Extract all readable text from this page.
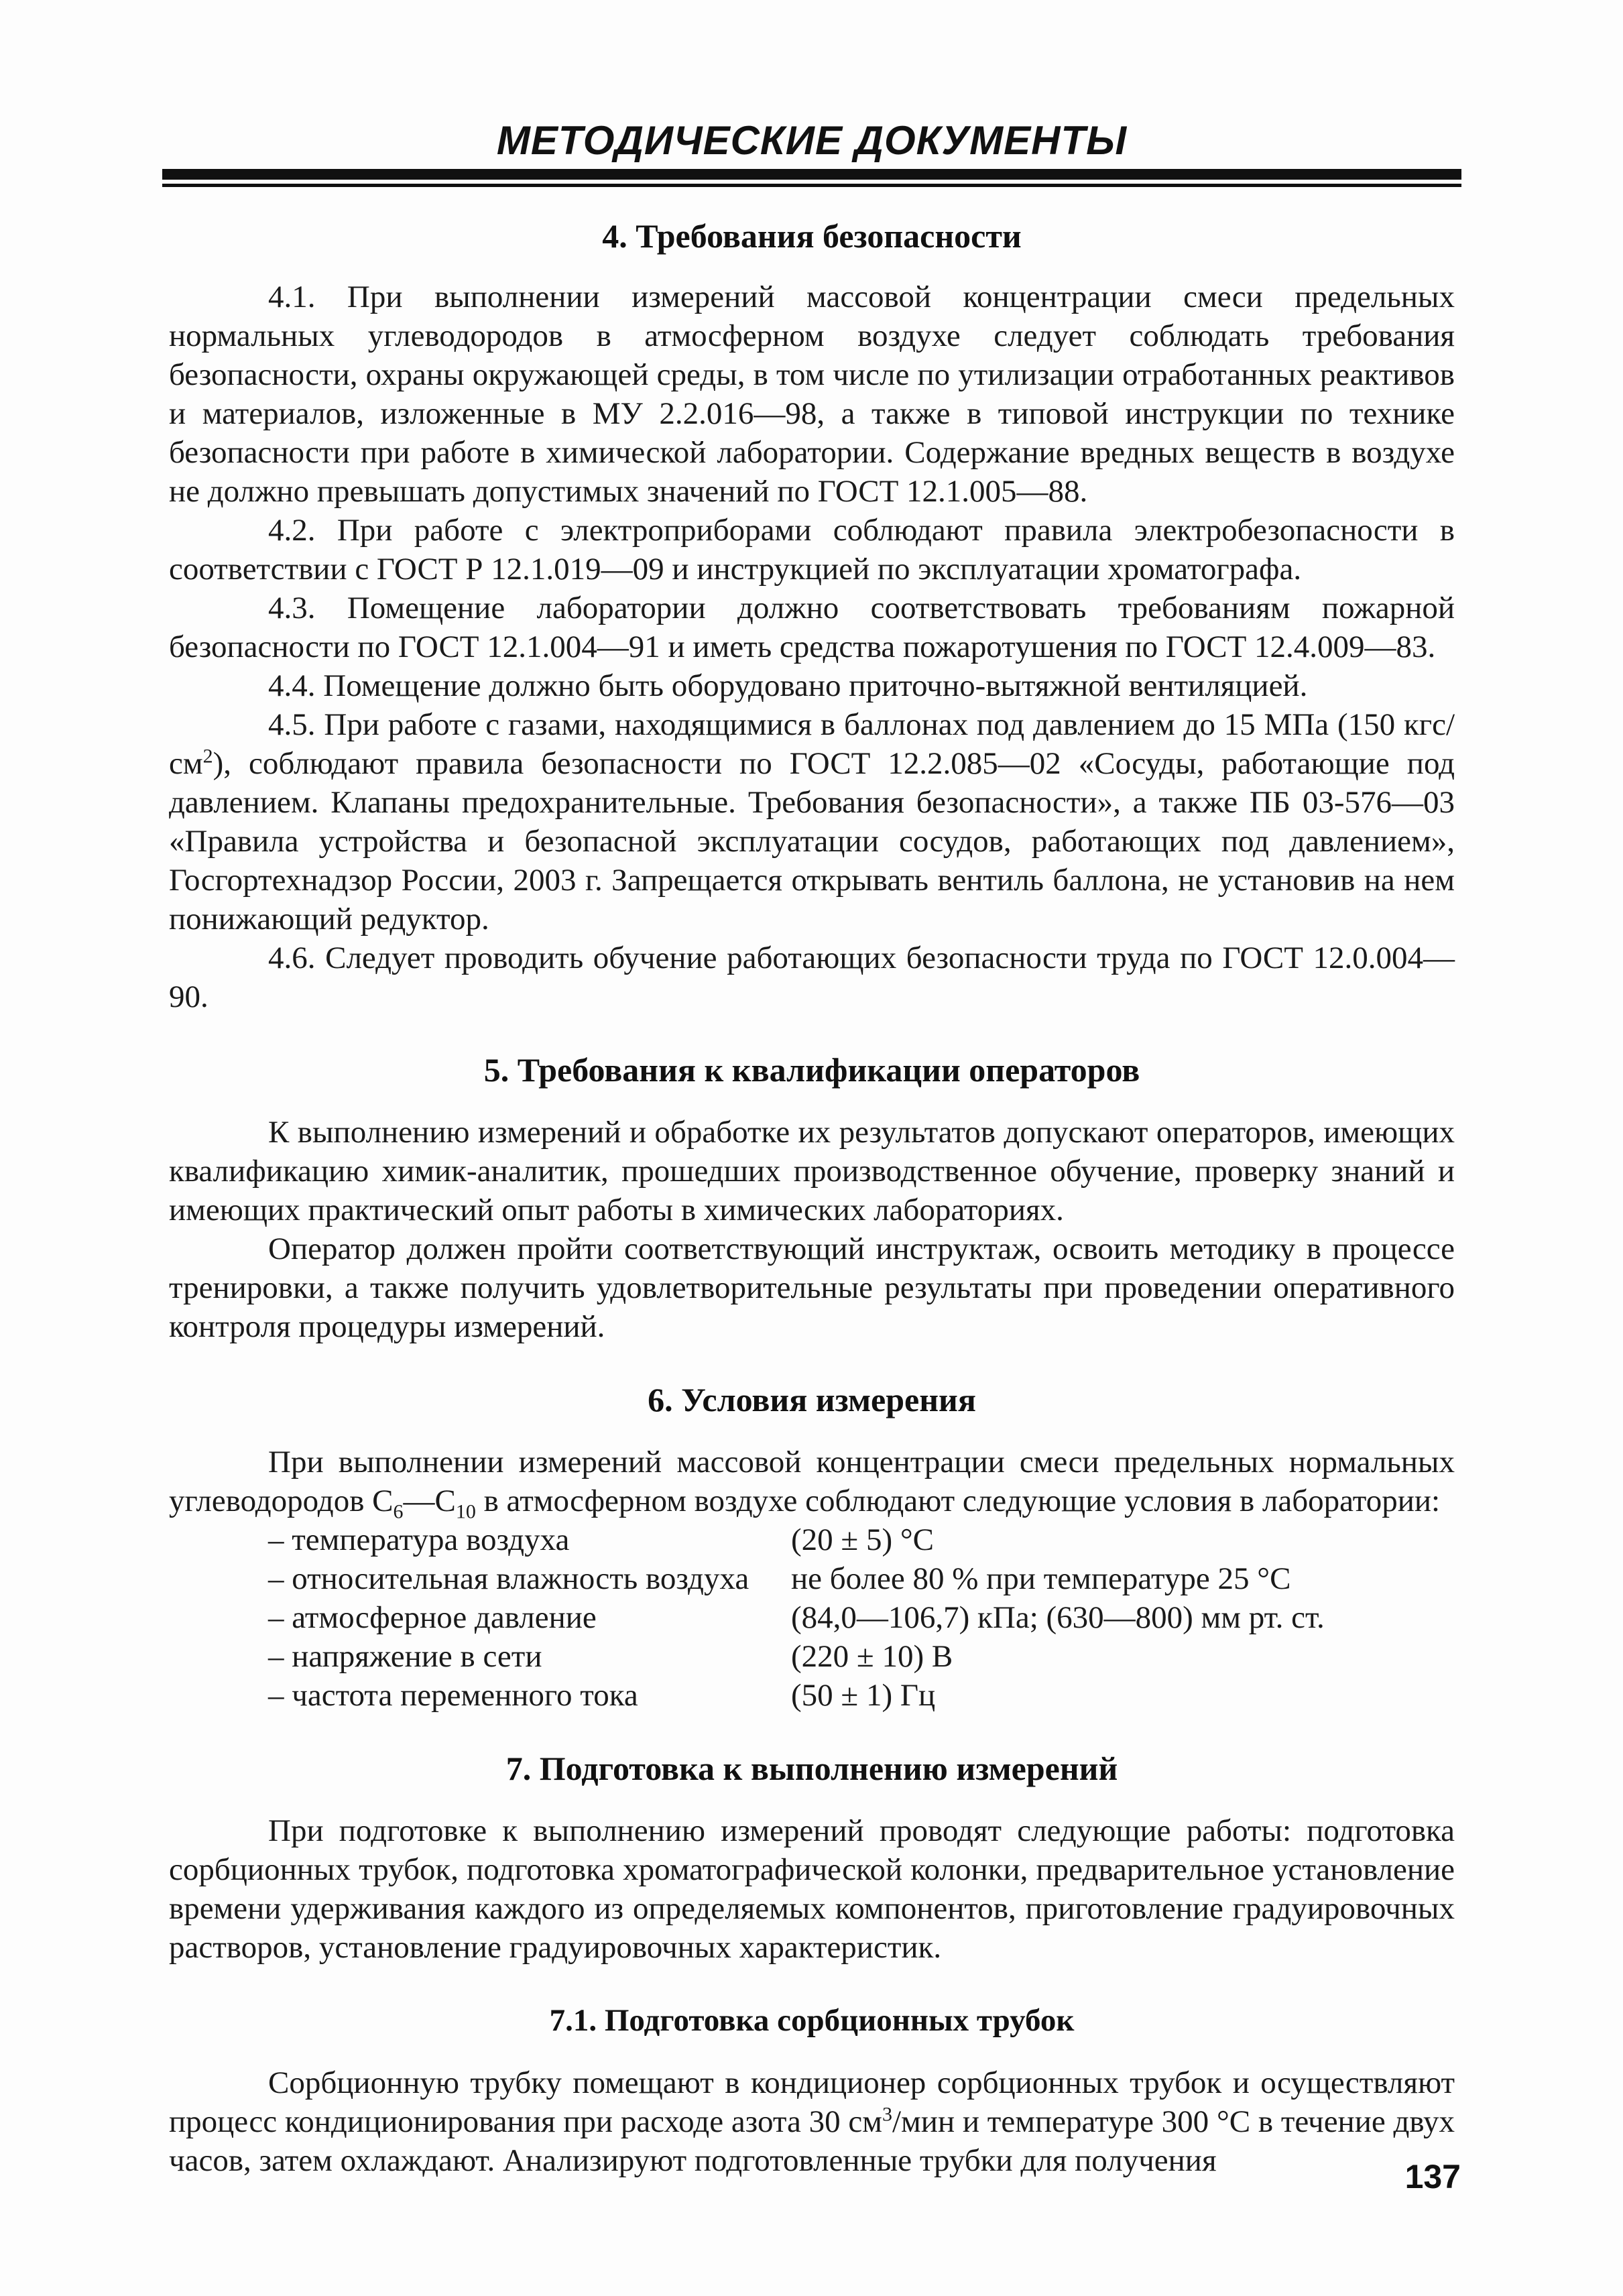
МЕТОДИЧЕСКИЕ ДОКУМЕНТЫ
4. Требования безопасности

4.1. При выполнении измерений массовой концентрации смеси предельных нормальных углеводородов в атмосферном воздухе следует соблюдать требования безопасности, охраны окружающей среды, в том числе по утилизации отработанных реактивов и материалов, изложенные в МУ 2.2.016—98, а также в типовой инструкции по технике безопасности при работе в химической лаборатории. Содержание вредных веществ в воздухе не должно превышать допустимых значений по ГОСТ 12.1.005—88.

4.2. При работе с электроприборами соблюдают правила электробезопасности в соответствии с ГОСТ Р 12.1.019—09 и инструкцией по эксплуатации хроматографа.

4.3. Помещение лаборатории должно соответствовать требованиям пожарной безопасности по ГОСТ 12.1.004—91 и иметь средства пожаротушения по ГОСТ 12.4.009—83.

4.4. Помещение должно быть оборудовано приточно-вытяжной вентиляцией.

4.5. При работе с газами, находящимися в баллонах под давлением до 15 МПа (150 кгс/$см^2$), соблюдают правила безопасности по ГОСТ 12.2.085—02 «Сосуды, работающие под давлением. Клапаны предохранительные. Требования безопасности», а также ПБ 03-576—03 «Правила устройства и безопасной эксплуатации сосудов, работающих под давлением», Госгортехнадзор России, 2003 г. Запрещается открывать вентиль баллона, не установив на нем понижающий редуктор.

4.6. Следует проводить обучение работающих безопасности труда по ГОСТ 12.0.004—90.

5. Требования к квалификации операторов

К выполнению измерений и обработке их результатов допускают операторов, имеющих квалификацию химик-аналитик, прошедших производственное обучение, проверку знаний и имеющих практический опыт работы в химических лабораториях.

Оператор должен пройти соответствующий инструктаж, освоить методику в процессе тренировки, а также получить удовлетворительные результаты при проведении оперативного контроля процедуры измерений.

6. Условия измерения

При выполнении измерений массовой концентрации смеси предельных нормальных углеводородов $С_6—С_{10}$ в атмосферном воздухе соблюдают следующие условия в лаборатории:

– температура воздуха	(20 ± 5) °С
– относительная влажность воздуха	не более 80 % при температуре 25 °С
– атмосферное давление	(84,0—106,7) кПа; (630—800) мм рт. ст.
– напряжение в сети	(220 ± 10) В
– частота переменного тока	(50 ± 1) Гц
7. Подготовка к выполнению измерений

При подготовке к выполнению измерений проводят следующие работы: подготовка сорбционных трубок, подготовка хроматографической колонки, предварительное установление времени удерживания каждого из определяемых компонентов, приготовление градуировочных растворов, установление градуировочных характеристик.

7.1. Подготовка сорбционных трубок

Сорбционную трубку помещают в кондиционер сорбционных трубок и осуществляют процесс кондиционирования при расходе азота 30 $см^3$/мин и температуре 300 °С в течение двух часов, затем охлаждают. Анализируют подготовленные трубки для получения	137
